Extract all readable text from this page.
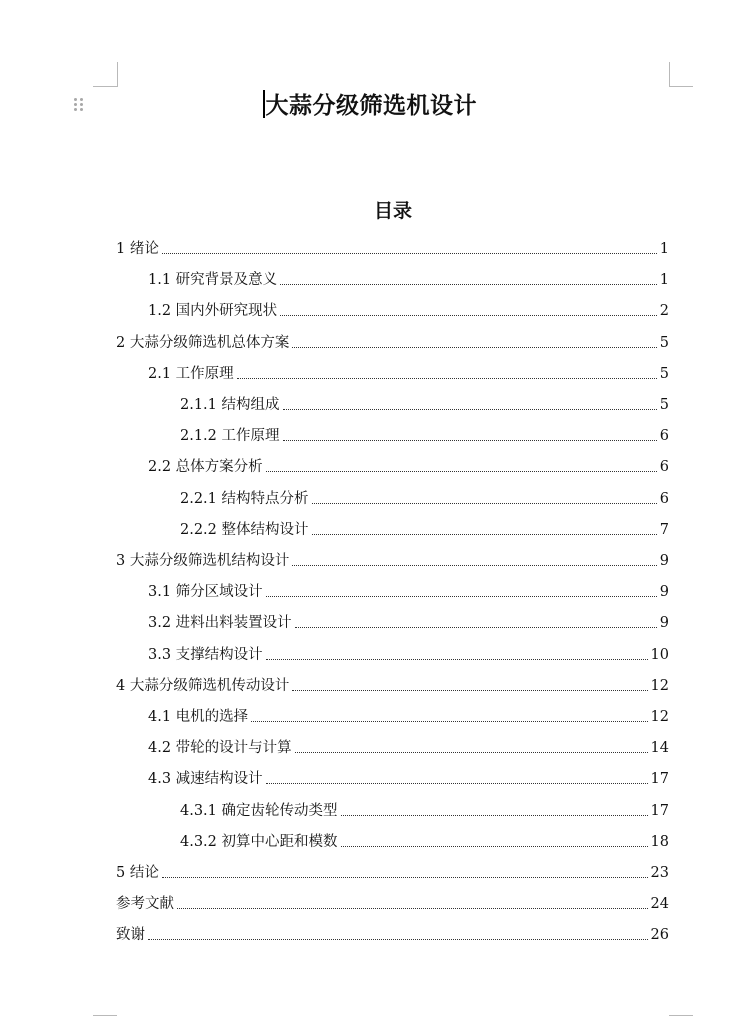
大蒜分级筛选机设计
目录
1 绪论	1
1.1 研究背景及意义	1
1.2 国内外研究现状	2
2 大蒜分级筛选机总体方案	5
2.1 工作原理	5
2.1.1 结构组成	5
2.1.2 工作原理	6
2.2 总体方案分析	6
2.2.1 结构特点分析	6
2.2.2 整体结构设计	7
3 大蒜分级筛选机结构设计	9
3.1 筛分区域设计	9
3.2 进料出料装置设计	9
3.3 支撑结构设计	10
4 大蒜分级筛选机传动设计	12
4.1 电机的选择	12
4.2 带轮的设计与计算	14
4.3 减速结构设计	17
4.3.1 确定齿轮传动类型	17
4.3.2 初算中心距和模数	18
5 结论	23
参考文献	24
致谢	26
